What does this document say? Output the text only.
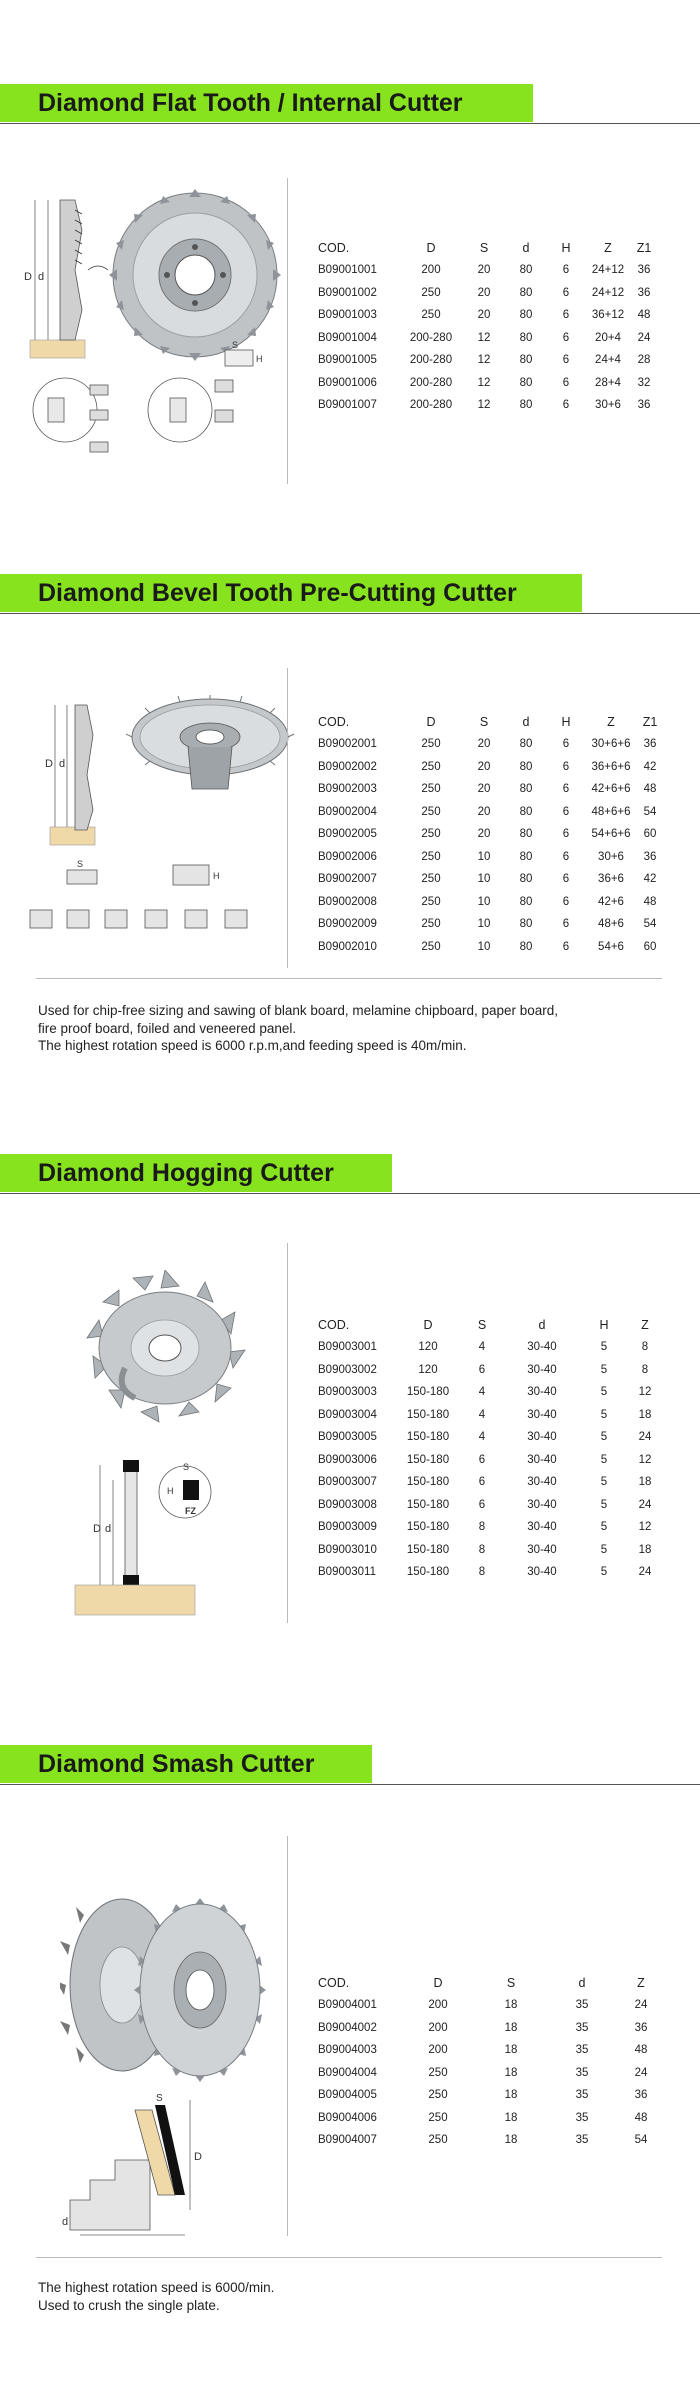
Diamond Flat Tooth / Internal Cutter
D d
S
H
COD.	D	S	d	H	Z	Z1
B09001001	200	20	80	6	24+12	36
B09001002	250	20	80	6	24+12	36
B09001003	250	20	80	6	36+12	48
B09001004	200-280	12	80	6	20+4	24
B09001005	200-280	12	80	6	24+4	28
B09001006	200-280	12	80	6	28+4	32
B09001007	200-280	12	80	6	30+6	36
Diamond Bevel Tooth Pre-Cutting Cutter
D d
S
H
COD.	D	S	d	H	Z	Z1
B09002001	250	20	80	6	30+6+6	36
B09002002	250	20	80	6	36+6+6	42
B09002003	250	20	80	6	42+6+6	48
B09002004	250	20	80	6	48+6+6	54
B09002005	250	20	80	6	54+6+6	60
B09002006	250	10	80	6	30+6	36
B09002007	250	10	80	6	36+6	42
B09002008	250	10	80	6	42+6	48
B09002009	250	10	80	6	48+6	54
B09002010	250	10	80	6	54+6	60
Used for chip-free sizing and sawing of blank board, melamine chipboard, paper board,
fire proof board, foiled and veneered panel.
The highest rotation speed is 6000 r.p.m,and feeding speed is 40m/min.
Diamond Hogging Cutter
D d
S
H
FZ
COD.	D	S	d	H	Z
B09003001	120	4	30-40	5	8
B09003002	120	6	30-40	5	8
B09003003	150-180	4	30-40	5	12
B09003004	150-180	4	30-40	5	18
B09003005	150-180	4	30-40	5	24
B09003006	150-180	6	30-40	5	12
B09003007	150-180	6	30-40	5	18
B09003008	150-180	6	30-40	5	24
B09003009	150-180	8	30-40	5	12
B09003010	150-180	8	30-40	5	18
B09003011	150-180	8	30-40	5	24
Diamond Smash Cutter
D
d
S
COD.	D	S	d	Z
B09004001	200	18	35	24
B09004002	200	18	35	36
B09004003	200	18	35	48
B09004004	250	18	35	24
B09004005	250	18	35	36
B09004006	250	18	35	48
B09004007	250	18	35	54
The highest rotation speed is 6000/min.
Used to crush the single plate.
